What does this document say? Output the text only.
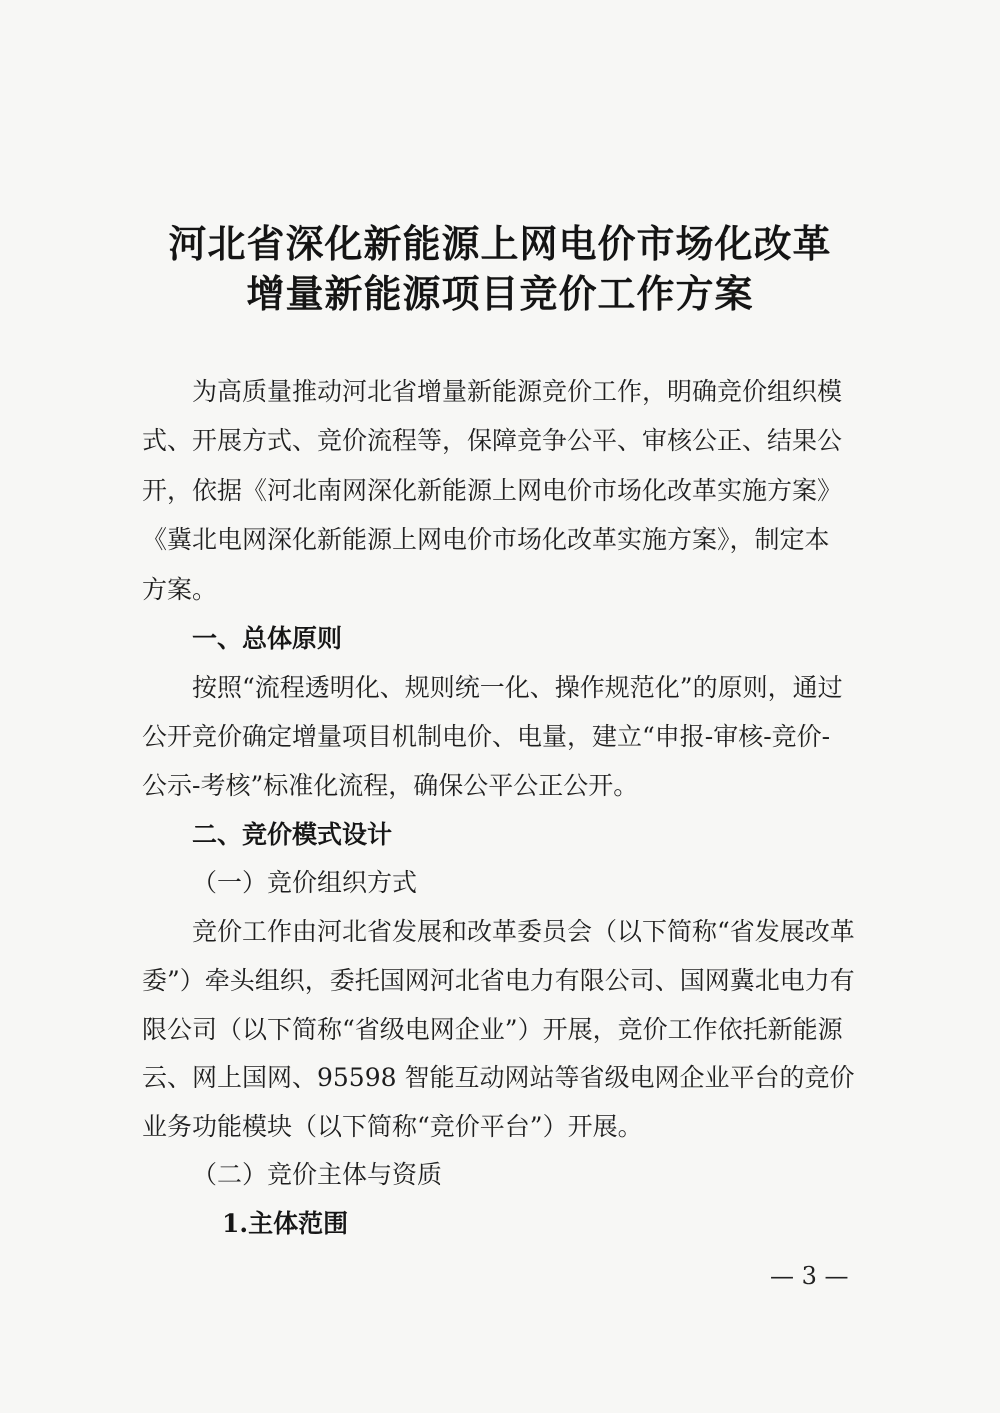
河北省深化新能源上网电价市场化改革
增量新能源项目竞价工作方案
为高质量推动河北省增量新能源竞价工作，明确竞价组织模
式、开展方式、竞价流程等，保障竞争公平、审核公正、结果公
开，依据《河北南网深化新能源上网电价市场化改革实施方案》
《冀北电网深化新能源上网电价市场化改革实施方案》，制定本
方案。
一、总体原则
按照“流程透明化、规则统一化、操作规范化”的原则，通过
公开竞价确定增量项目机制电价、电量，建立“申报-审核-竞价-
公示-考核”标准化流程，确保公平公正公开。
二、竞价模式设计
（一）竞价组织方式
竞价工作由河北省发展和改革委员会（以下简称“省发展改革
委”）牵头组织，委托国网河北省电力有限公司、国网冀北电力有
限公司（以下简称“省级电网企业”）开展，竞价工作依托新能源
云、网上国网、95598 智能互动网站等省级电网企业平台的竞价
业务功能模块（以下简称“竞价平台”）开展。
（二）竞价主体与资质
1.主体范围
— 3 —
